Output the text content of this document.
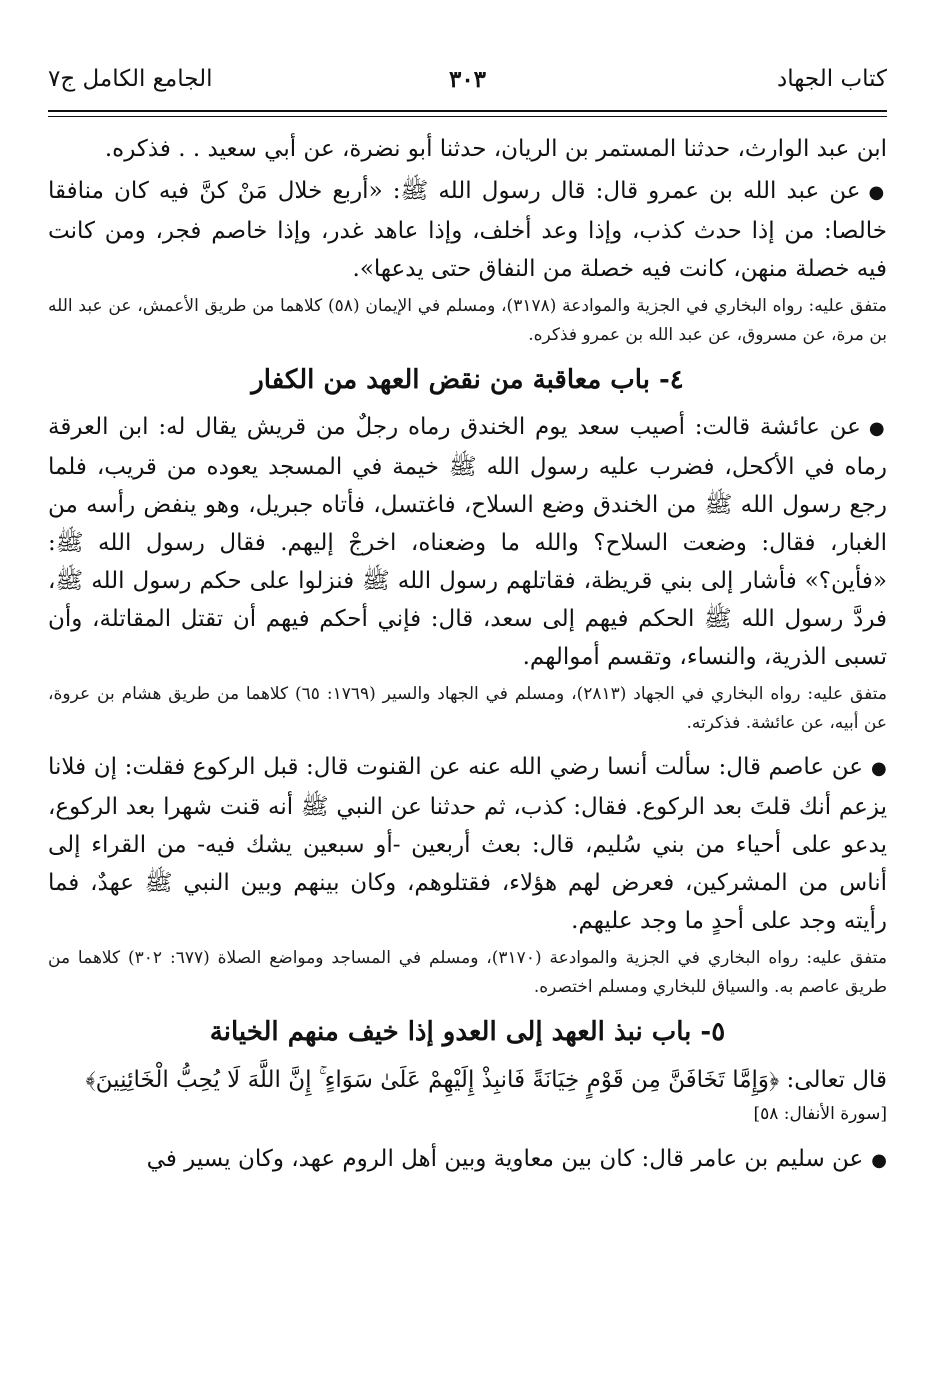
كتاب الجهاد
٣٠٣
الجامع الكامل ج٧

ابن عبد الوارث، حدثنا المستمر بن الريان، حدثنا أبو نضرة، عن أبي سعيد . . فذكره.

●عن عبد الله بن عمرو قال: قال رسول الله ﷺ: «أربع خلال مَنْ كنَّ فيه كان منافقا خالصا: من إذا حدث كذب، وإذا وعد أخلف، وإذا عاهد غدر، وإذا خاصم فجر، ومن كانت فيه خصلة منهن، كانت فيه خصلة من النفاق حتى يدعها».

متفق عليه: رواه البخاري في الجزية والموادعة (٣١٧٨)، ومسلم في الإيمان (٥٨) كلاهما من طريق الأعمش، عن عبد الله بن مرة، عن مسروق، عن عبد الله بن عمرو فذكره.

٤- باب معاقبة من نقض العهد من الكفار

●عن عائشة قالت: أصيب سعد يوم الخندق رماه رجلٌ من قريش يقال له: ابن العرقة رماه في الأكحل، فضرب عليه رسول الله ﷺ خيمة في المسجد يعوده من قريب، فلما رجع رسول الله ﷺ من الخندق وضع السلاح، فاغتسل، فأتاه جبريل، وهو ينفض رأسه من الغبار، فقال: وضعت السلاح؟ والله ما وضعناه، اخرجْ إليهم. فقال رسول الله ﷺ: «فأين؟» فأشار إلى بني قريظة، فقاتلهم رسول الله ﷺ فنزلوا على حكم رسول الله ﷺ، فردَّ رسول الله ﷺ الحكم فيهم إلى سعد، قال: فإني أحكم فيهم أن تقتل المقاتلة، وأن تسبى الذرية، والنساء، وتقسم أموالهم.

متفق عليه: رواه البخاري في الجهاد (٢٨١٣)، ومسلم في الجهاد والسير (١٧٦٩: ٦٥) كلاهما من طريق هشام بن عروة، عن أبيه، عن عائشة. فذكرته.

●عن عاصم قال: سألت أنسا رضي الله عنه عن القنوت قال: قبل الركوع فقلت: إن فلانا يزعم أنك قلتَ بعد الركوع. فقال: كذب، ثم حدثنا عن النبي ﷺ أنه قنت شهرا بعد الركوع، يدعو على أحياء من بني سُليم، قال: بعث أربعين -أو سبعين يشك فيه- من القراء إلى أناس من المشركين، فعرض لهم هؤلاء، فقتلوهم، وكان بينهم وبين النبي ﷺ عهدٌ، فما رأيته وجد على أحدٍ ما وجد عليهم.

متفق عليه: رواه البخاري في الجزية والموادعة (٣١٧٠)، ومسلم في المساجد ومواضع الصلاة (٦٧٧: ٣٠٢) كلاهما من طريق عاصم به. والسياق للبخاري ومسلم اختصره.

٥- باب نبذ العهد إلى العدو إذا خيف منهم الخيانة

قال تعالى: ﴿وَإِمَّا تَخَافَنَّ مِن قَوْمٍ خِيَانَةً فَانبِذْ إِلَيْهِمْ عَلَىٰ سَوَاءٍ ۚ إِنَّ اللَّهَ لَا يُحِبُّ الْخَائِنِينَ﴾

[سورة الأنفال: ٥٨]

●عن سليم بن عامر قال: كان بين معاوية وبين أهل الروم عهد، وكان يسير في
